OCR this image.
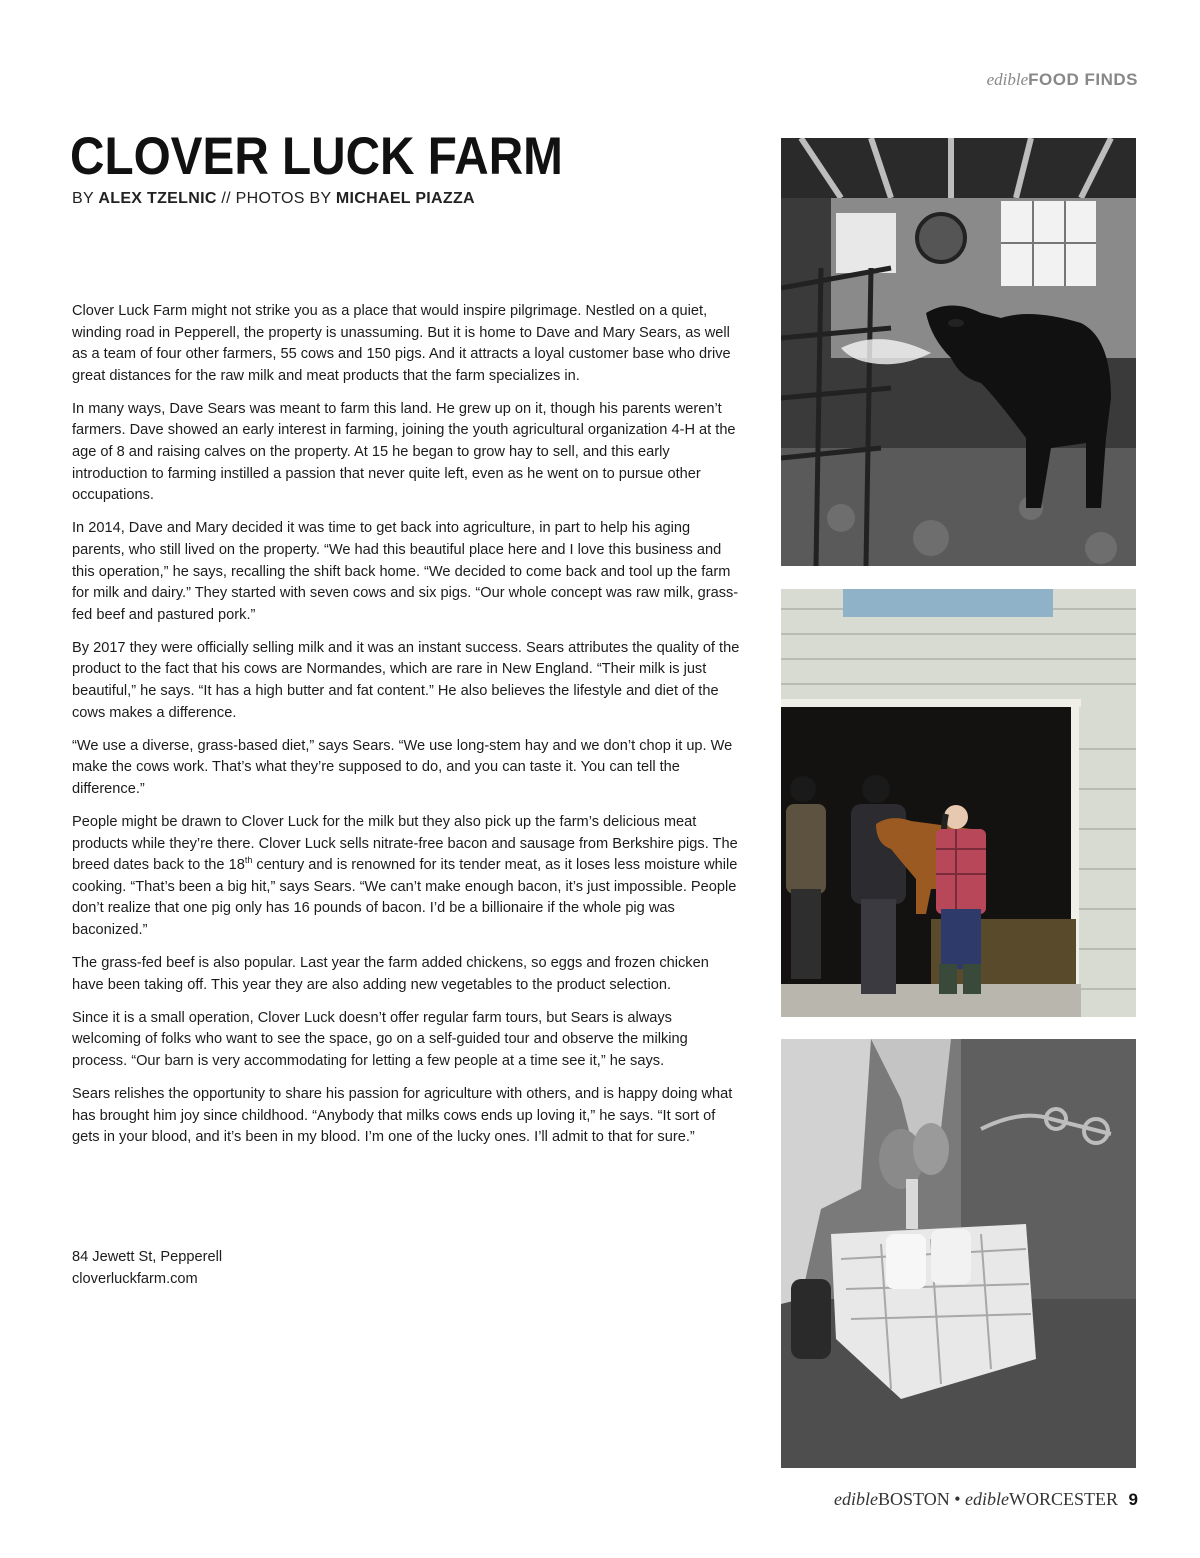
edibleFOOD FINDS
CLOVER LUCK FARM
BY ALEX TZELNIC // PHOTOS BY MICHAEL PIAZZA

Clover Luck Farm might not strike you as a place that would inspire pilgrimage. Nestled on a quiet, winding road in Pepperell, the property is unassuming. But it is home to Dave and Mary Sears, as well as a team of four other farmers, 55 cows and 150 pigs. And it attracts a loyal customer base who drive great distances for the raw milk and meat products that the farm specializes in.

In many ways, Dave Sears was meant to farm this land. He grew up on it, though his parents weren’t farmers. Dave showed an early interest in farming, joining the youth agricultural organization 4-H at the age of 8 and raising calves on the property. At 15 he began to grow hay to sell, and this early introduction to farming instilled a passion that never quite left, even as he went on to pursue other occupations.

In 2014, Dave and Mary decided it was time to get back into agriculture, in part to help his aging parents, who still lived on the property. “We had this beautiful place here and I love this business and this operation,” he says, recalling the shift back home. “We decided to come back and tool up the farm for milk and dairy.” They started with seven cows and six pigs. “Our whole concept was raw milk, grass-fed beef and pastured pork.”

By 2017 they were officially selling milk and it was an instant success. Sears attributes the quality of the product to the fact that his cows are Normandes, which are rare in New England. “Their milk is just beautiful,” he says. “It has a high butter and fat content.” He also believes the lifestyle and diet of the cows makes a difference.

“We use a diverse, grass-based diet,” says Sears. “We use long-stem hay and we don’t chop it up. We make the cows work. That’s what they’re supposed to do, and you can taste it. You can tell the difference.”

People might be drawn to Clover Luck for the milk but they also pick up the farm’s delicious meat products while they’re there. Clover Luck sells nitrate-free bacon and sausage from Berkshire pigs. The breed dates back to the 18th century and is renowned for its tender meat, as it loses less moisture while cooking. “That’s been a big hit,” says Sears. “We can’t make enough bacon, it’s just impossible. People don’t realize that one pig only has 16 pounds of bacon. I’d be a billionaire if the whole pig was baconized.”

The grass-fed beef is also popular. Last year the farm added chickens, so eggs and frozen chicken have been taking off. This year they are also adding new vegetables to the product selection.

Since it is a small operation, Clover Luck doesn’t offer regular farm tours, but Sears is always welcoming of folks who want to see the space, go on a self-guided tour and observe the milking process. “Our barn is very accommodating for letting a few people at a time see it,” he says.

Sears relishes the opportunity to share his passion for agriculture with others, and is happy doing what has brought him joy since childhood. “Anybody that milks cows ends up loving it,” he says. “It sort of gets in your blood, and it’s been in my blood. I’m one of the lucky ones. I’ll admit to that for sure.”

84 Jewett St, Pepperell
cloverluckfarm.com
edibleBOSTON • edibleWORCESTER 9
